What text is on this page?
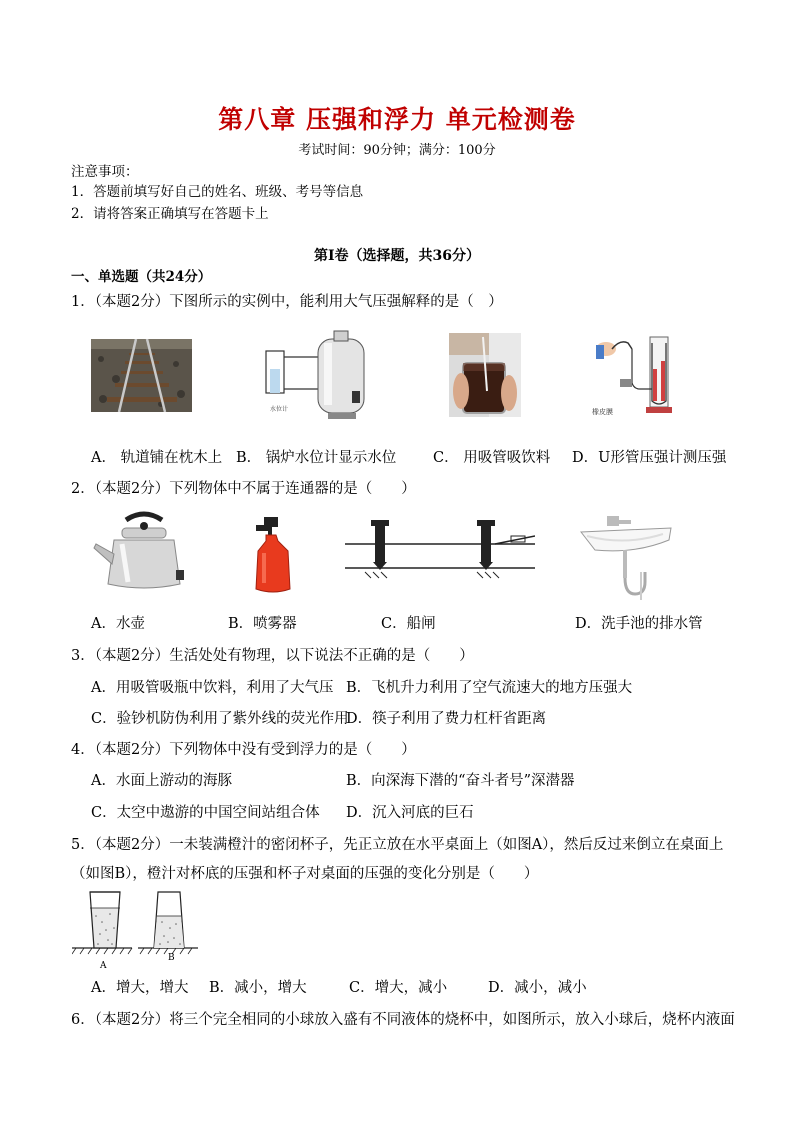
第八章 压强和浮力 单元检测卷
考试时间：90分钟；满分：100分
注意事项：
1．答题前填写好自己的姓名、班级、考号等信息
2．请将答案正确填写在答题卡上
第Ⅰ卷（选择题，共36分）
一、单选题（共24分）
1．（本题2分）下图所示的实例中，能利用大气压强解释的是（　）
水位计	橡皮膜
A． 轨道铺在枕木上 B． 锅炉水位计显示水位	C． 用吸管吸饮料 D．U形管压强计测压强
2．（本题2分）下列物体中不属于连通器的是（　　）
A．水壶	B．喷雾器	C．船闸	D．洗手池的排水管
3．（本题2分）生活处处有物理，以下说法不正确的是（　　）
A．用吸管吸瓶中饮料，利用了大气压 B．飞机升力利用了空气流速大的地方压强大
C．验钞机防伪利用了紫外线的荧光作用
D．筷子利用了费力杠杆省距离
4．（本题2分）下列物体中没有受到浮力的是（　　）
A．水面上游动的海豚	B．向深海下潜的“奋斗者号”深潜器
C．太空中遨游的中国空间站组合体 D．沉入河底的巨石
5．（本题2分）一未装满橙汁的密闭杯子，先正立放在水平桌面上（如图A），然后反过来倒立在桌面上
（如图B），橙汁对杯底的压强和杯子对桌面的压强的变化分别是（　　）
A
B
A．增大，增大 B．减小，增大	C．增大，减小	D．减小，减小
6．（本题2分）将三个完全相同的小球放入盛有不同液体的烧杯中，如图所示，放入小球后，烧杯内液面
